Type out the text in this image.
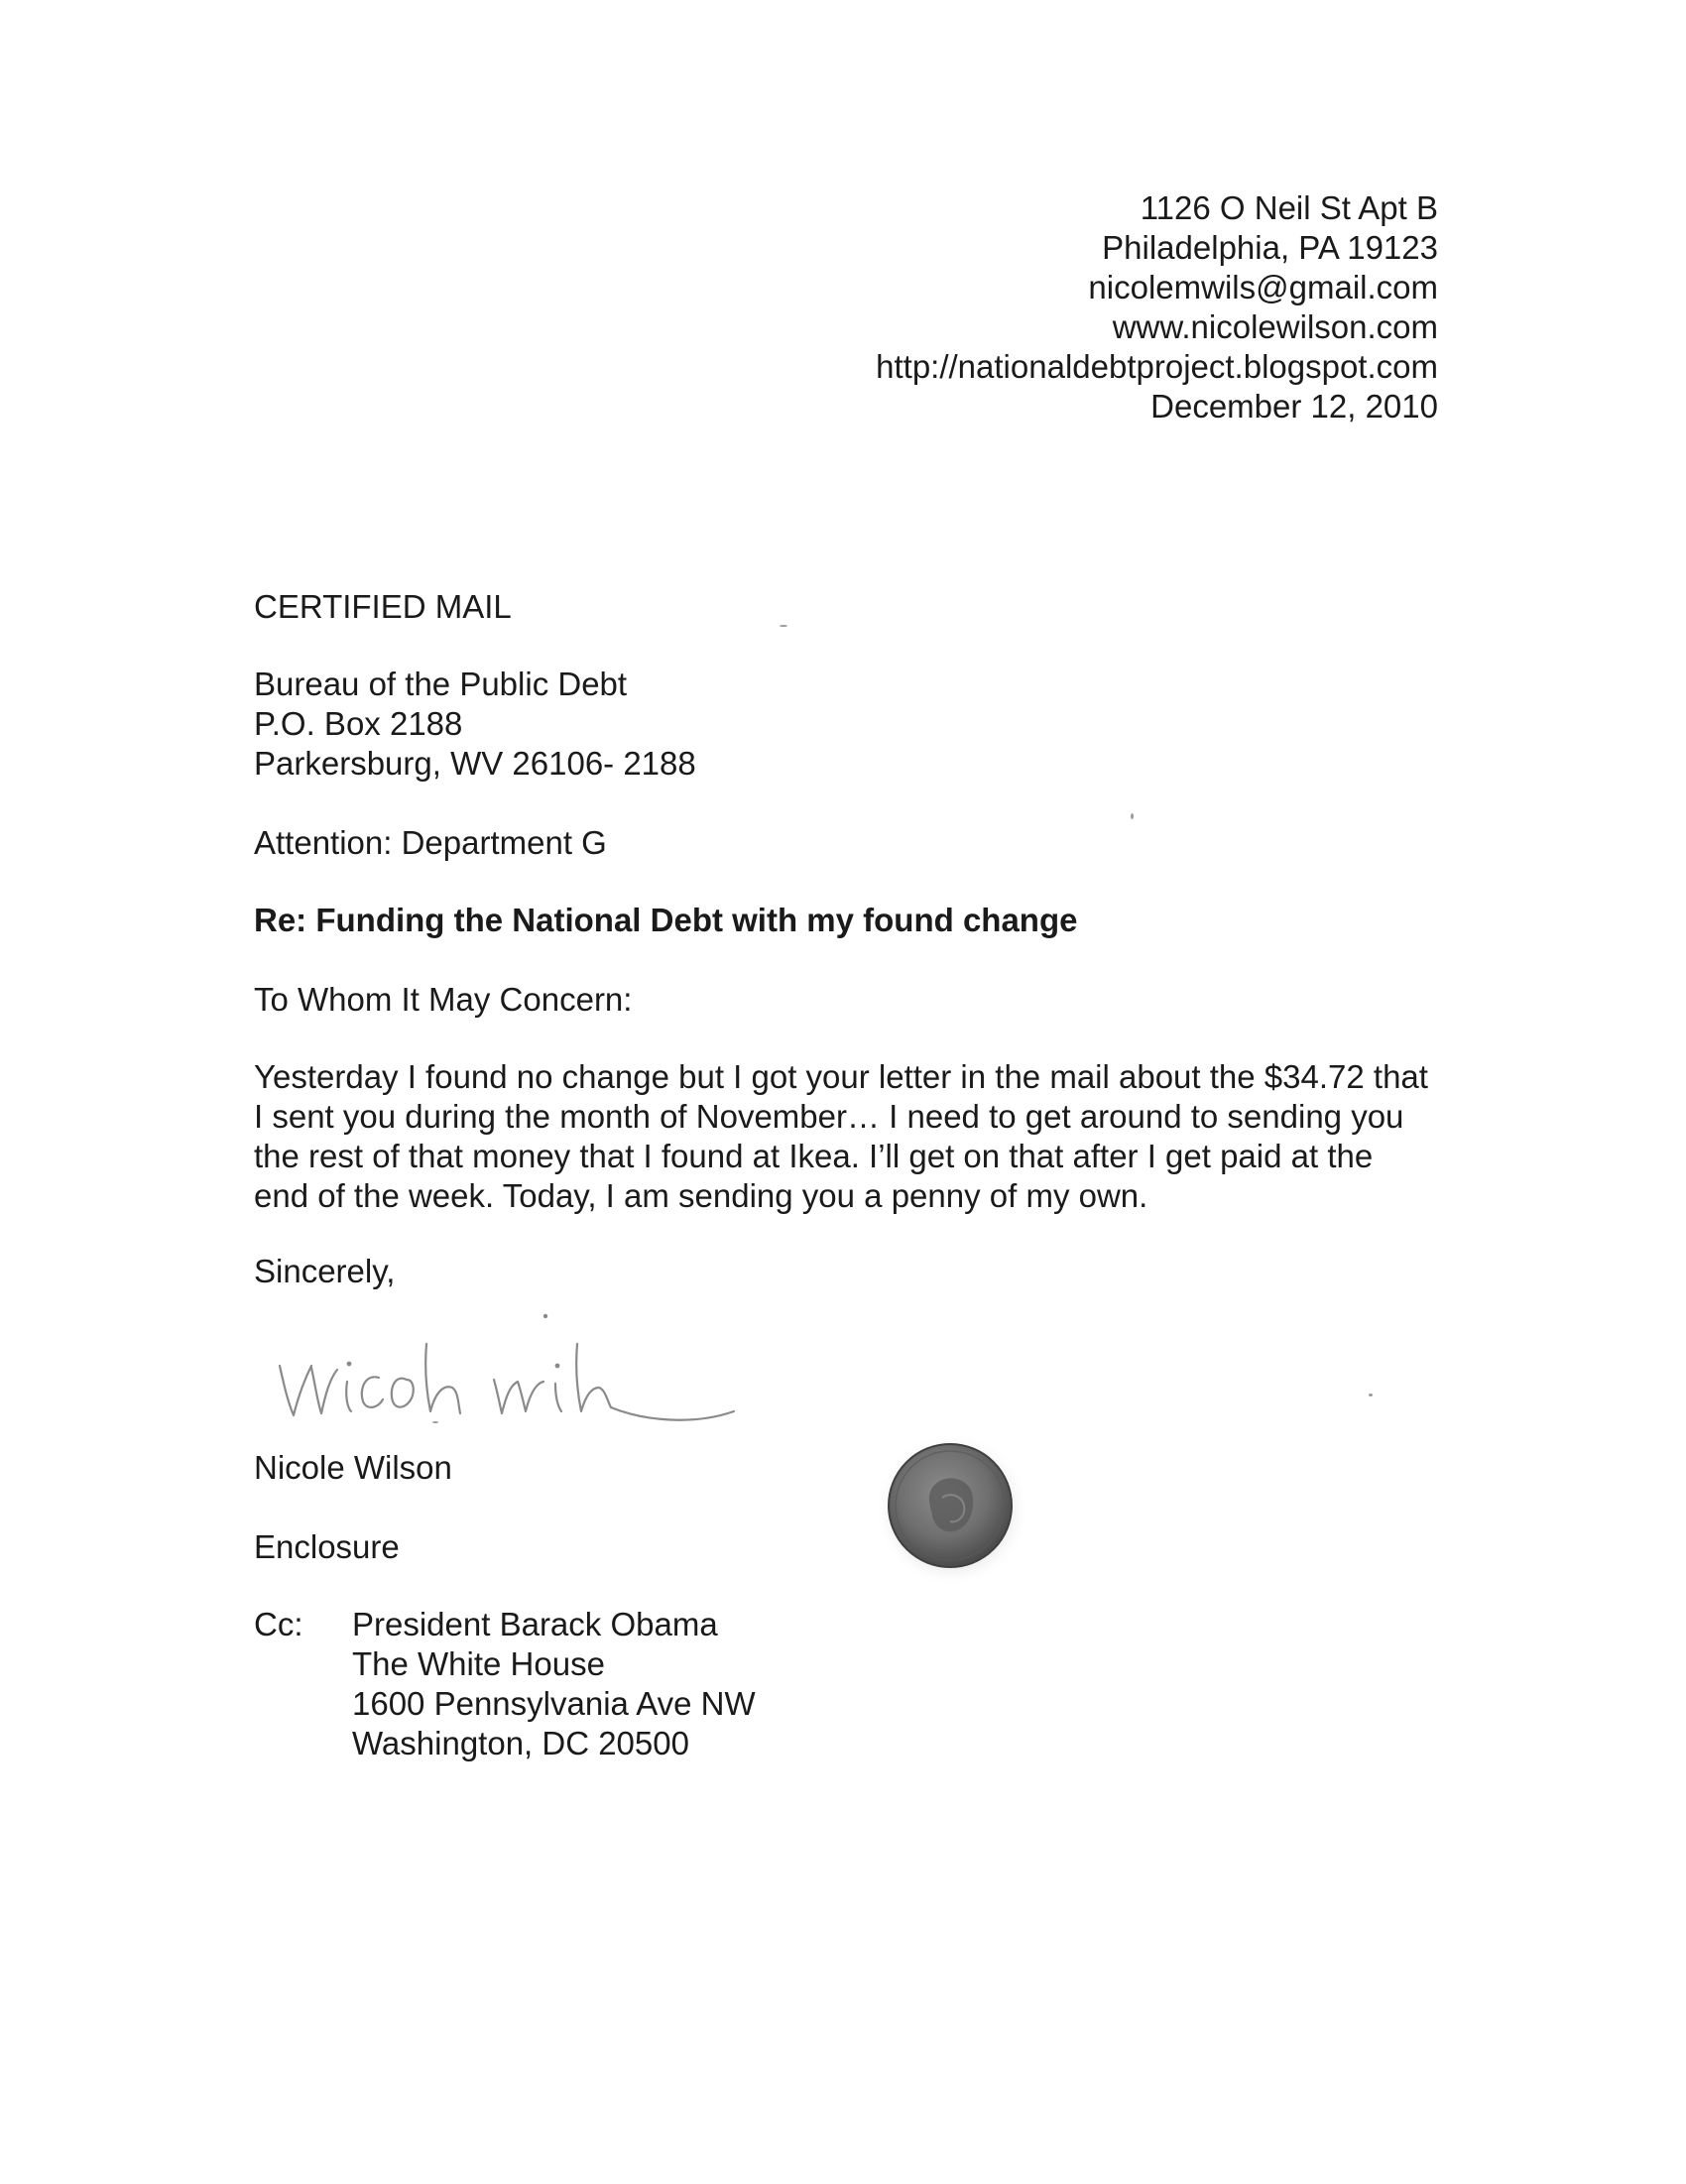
1126 O Neil St Apt B
Philadelphia, PA 19123
nicolemwils@gmail.com
www.nicolewilson.com
http://nationaldebtproject.blogspot.com
December 12, 2010
CERTIFIED MAIL
Bureau of the Public Debt
P.O. Box 2188
Parkersburg, WV 26106- 2188
Attention: Department G
Re: Funding the National Debt with my found change
To Whom It May Concern:
Yesterday I found no change but I got your letter in the mail about the $34.72 that
I sent you during the month of November… I need to get around to sending you
the rest of that money that I found at Ikea. I’ll get on that after I get paid at the
end of the week. Today, I am sending you a penny of my own.
Sincerely,
Nicole Wilson
Enclosure
Cc: President Barack Obama
The White House
1600 Pennsylvania Ave NW
Washington, DC 20500
